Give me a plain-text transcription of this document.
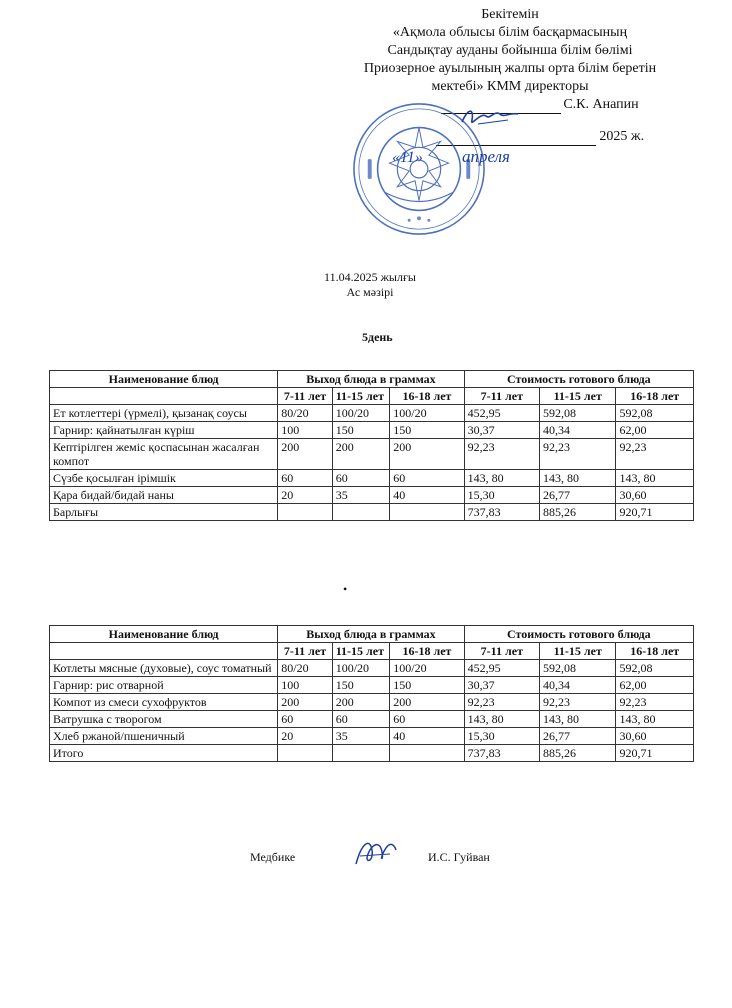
Бекітемін
«Ақмола облысы білім басқармасының
Сандықтау ауданы бойынша білім бөлімі
Приозерное ауылының жалпы орта білім беретін
мектебі» КММ директоры
С.К. Анапин
2025 ж.
«11» апреля
11.04.2025 жылғы
Ас мәзірі
5день
Наименование блюд	Выход блюда в граммах			Стоимость готового блюда		
	7-11 лет	11-15 лет	16-18 лет	7-11 лет	11-15 лет	16-18 лет
Ет котлеттері (үрмелі), қызанақ соусы	80/20	100/20	100/20	452,95	592,08	592,08
Гарнир: қайнатылған күріш	100	150	150	30,37	40,34	62,00
Кептірілген жеміс қоспасынан жасалған компот	200	200	200	92,23	92,23	92,23
Сүзбе қосылған ірімшік	60	60	60	143, 80	143, 80	143, 80
Қара бидай/бидай наны	20	35	40	15,30	26,77	30,60
Барлығы				737,83	885,26	920,71
•
Наименование блюд	Выход блюда в граммах			Стоимость готового блюда		
	7-11 лет	11-15 лет	16-18 лет	7-11 лет	11-15 лет	16-18 лет
Котлеты мясные (духовые), соус томатный	80/20	100/20	100/20	452,95	592,08	592,08
Гарнир: рис отварной	100	150	150	30,37	40,34	62,00
Компот из смеси сухофруктов	200	200	200	92,23	92,23	92,23
Ватрушка с творогом	60	60	60	143, 80	143, 80	143, 80
Хлеб ржаной/пшеничный	20	35	40	15,30	26,77	30,60
Итого				737,83	885,26	920,71
Медбике	И.С. Гуйван
